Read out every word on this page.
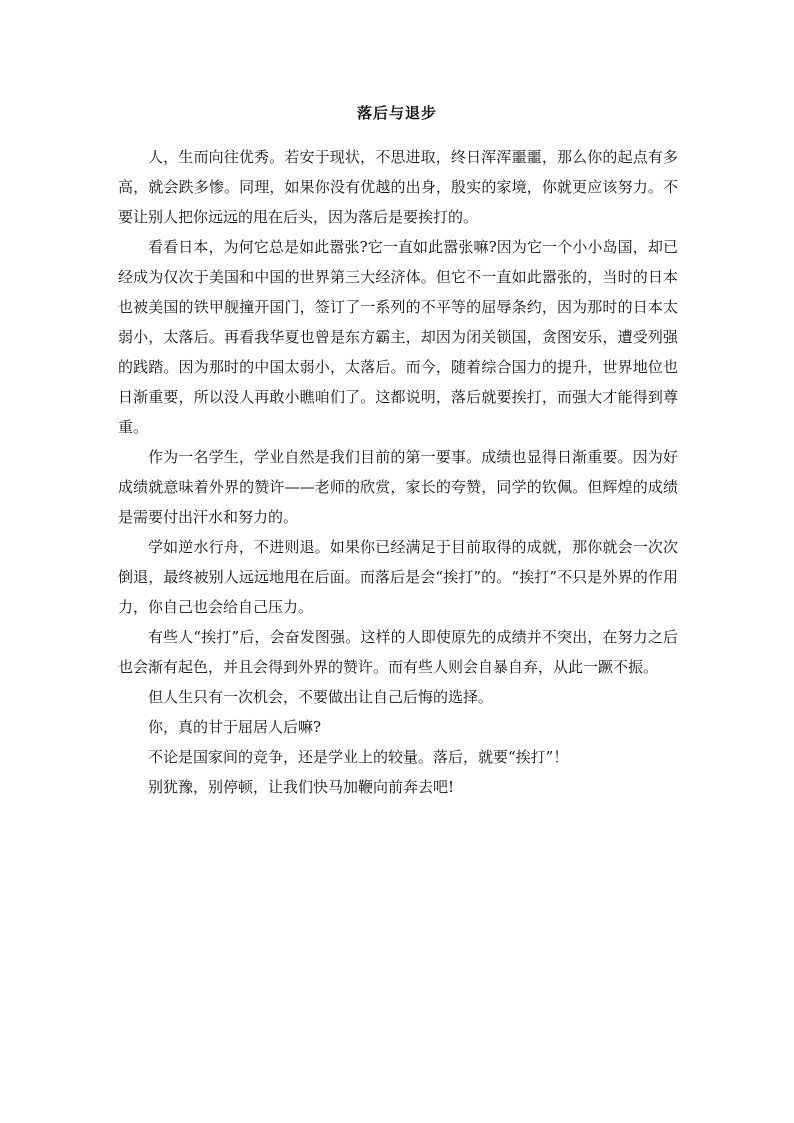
落后与退步

人，生而向往优秀。若安于现状，不思进取，终日浑浑噩噩，那么你的起点有多高，就会跌多惨。同理，如果你没有优越的出身，殷实的家境，你就更应该努力。不要让别人把你远远的甩在后头，因为落后是要挨打的。

看看日本，为何它总是如此嚣张?它一直如此嚣张嘛?因为它一个小小岛国，却已经成为仅次于美国和中国的世界第三大经济体。但它不一直如此嚣张的，当时的日本也被美国的铁甲舰撞开国门，签订了一系列的不平等的屈辱条约，因为那时的日本太弱小，太落后。再看我华夏也曾是东方霸主，却因为闭关锁国，贪图安乐，遭受列强的践踏。因为那时的中国太弱小，太落后。而今，随着综合国力的提升，世界地位也日渐重要，所以没人再敢小瞧咱们了。这都说明，落后就要挨打，而强大才能得到尊重。

作为一名学生，学业自然是我们目前的第一要事。成绩也显得日渐重要。因为好成绩就意味着外界的赞许——老师的欣赏，家长的夸赞，同学的钦佩。但辉煌的成绩是需要付出汗水和努力的。

学如逆水行舟，不进则退。如果你已经满足于目前取得的成就，那你就会一次次倒退，最终被别人远远地甩在后面。而落后是会“挨打”的。“挨打”不只是外界的作用力，你自己也会给自己压力。

有些人“挨打”后，会奋发图强。这样的人即使原先的成绩并不突出，在努力之后也会渐有起色，并且会得到外界的赞许。而有些人则会自暴自弃，从此一蹶不振。

但人生只有一次机会，不要做出让自己后悔的选择。

你，真的甘于屈居人后嘛?

不论是国家间的竞争，还是学业上的较量。落后，就要“挨打”！

别犹豫，别停顿，让我们快马加鞭向前奔去吧!
